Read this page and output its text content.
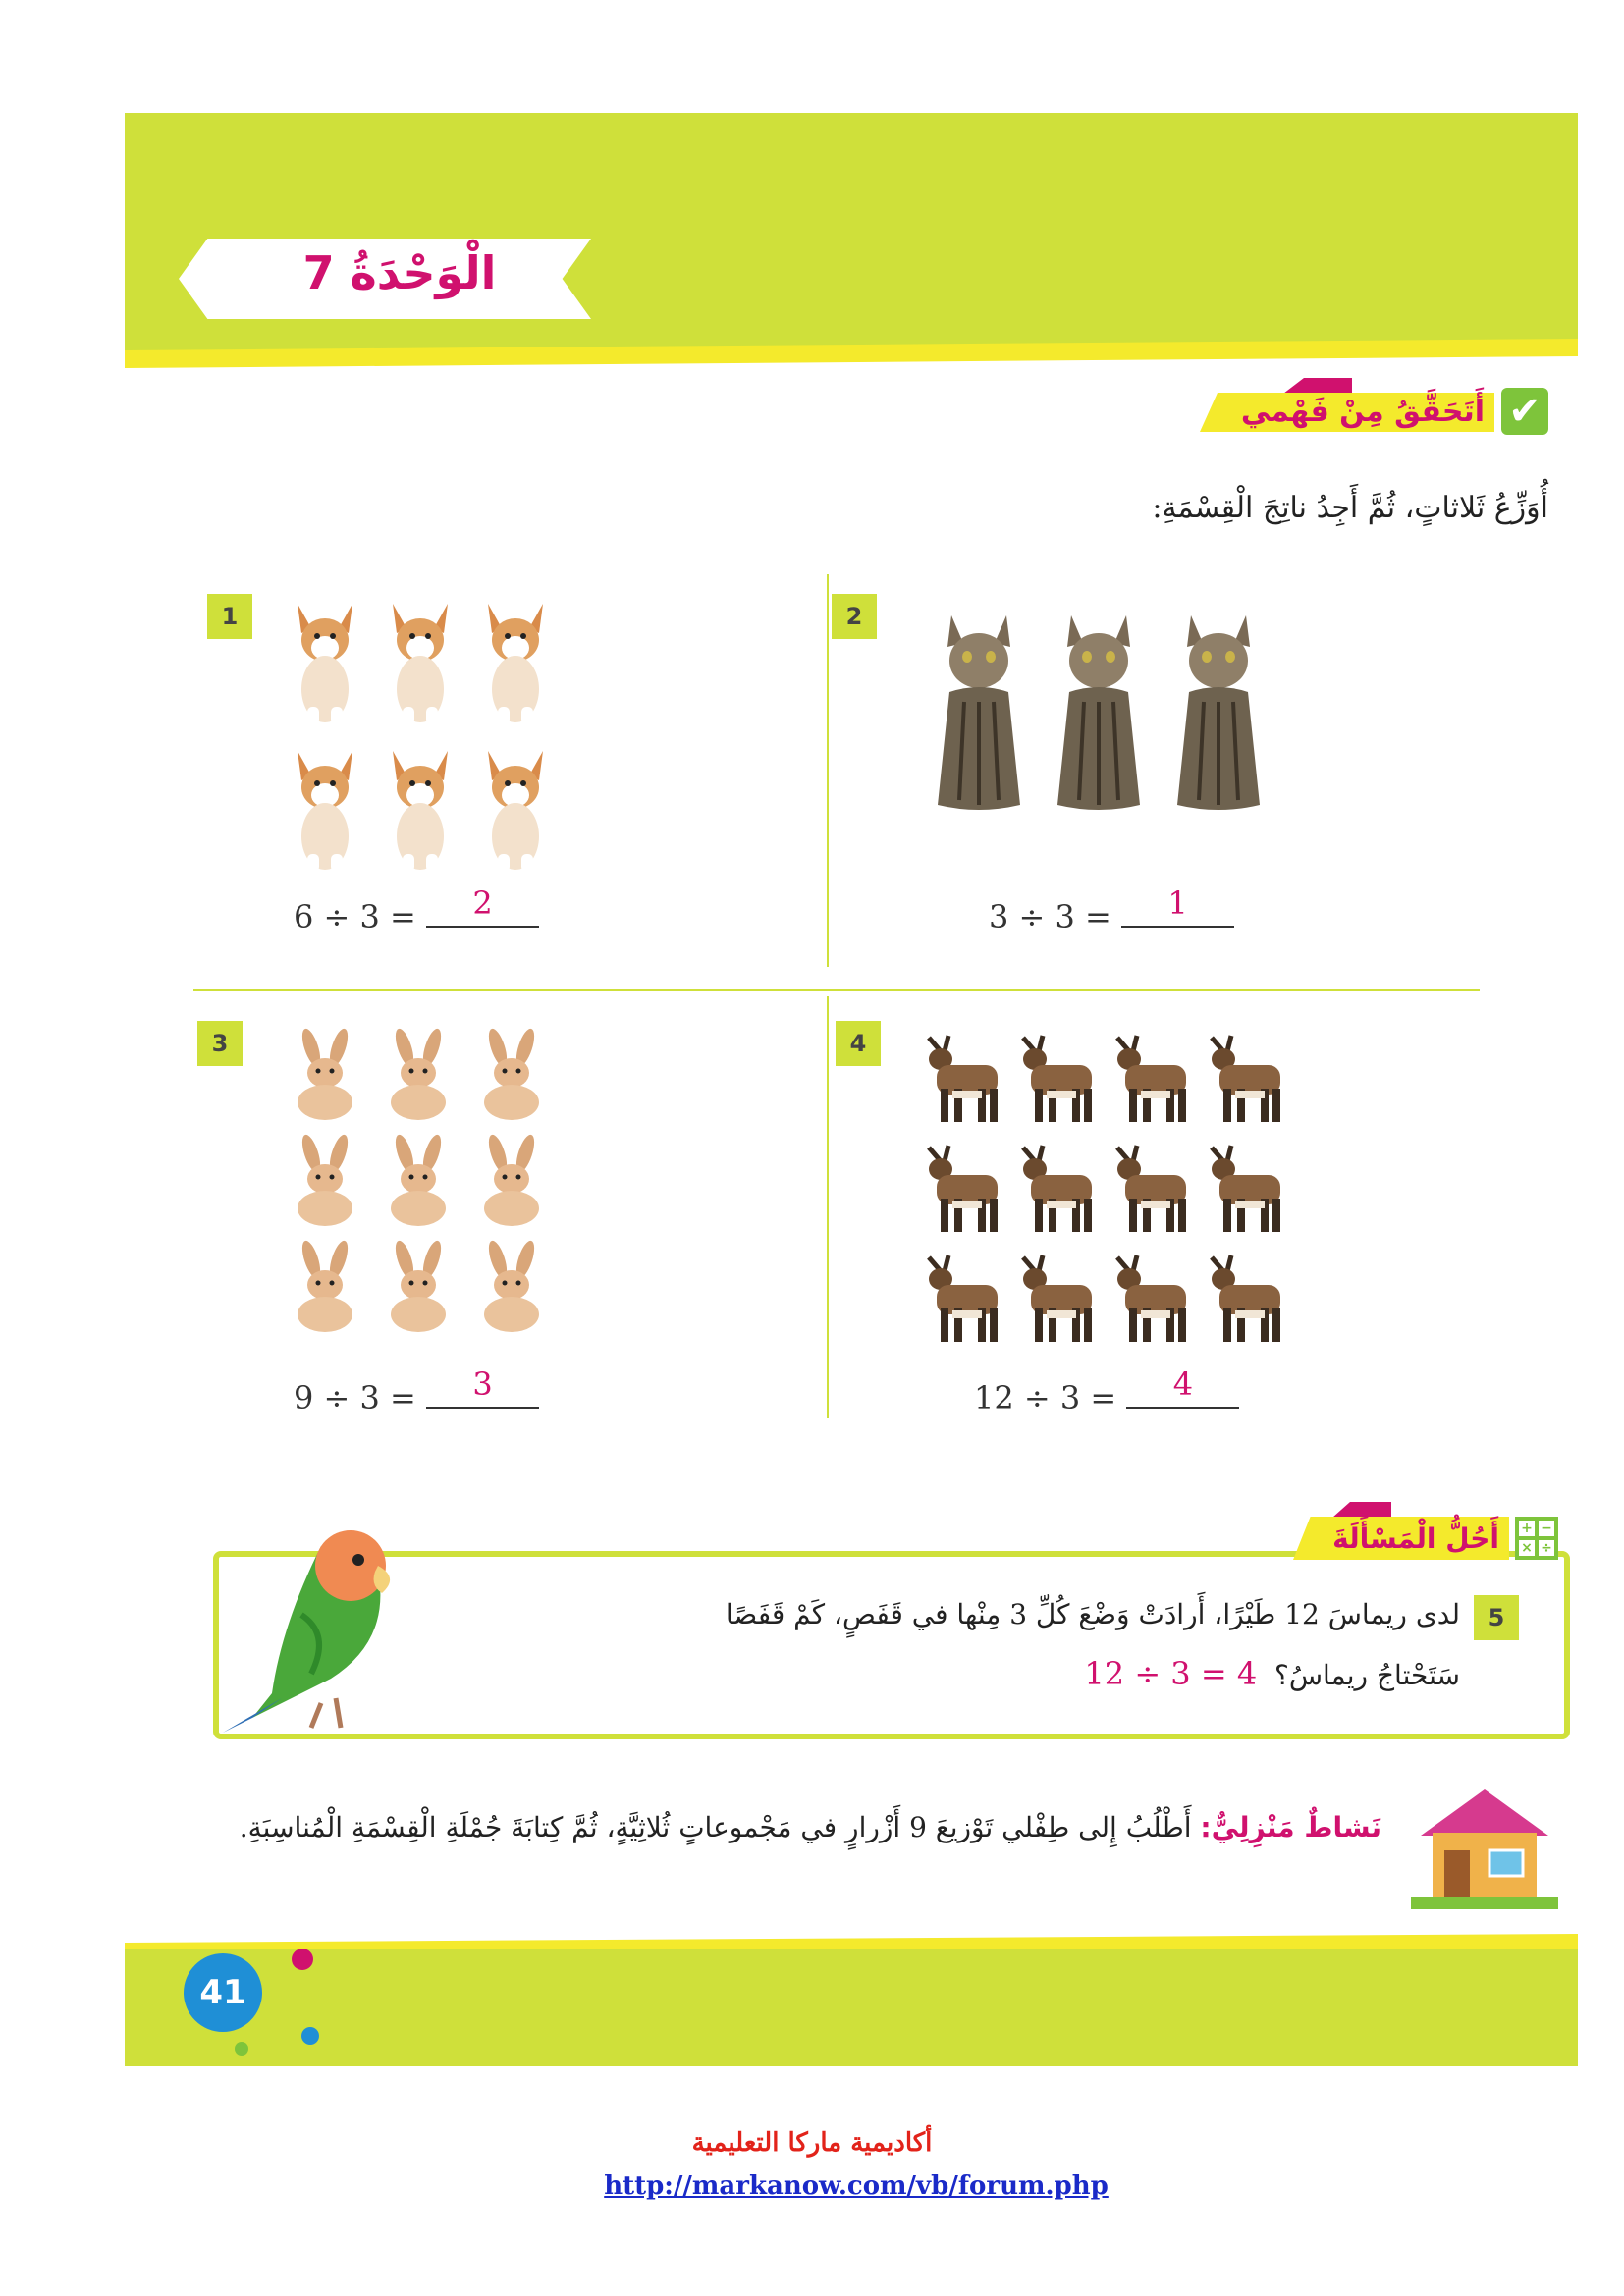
الْوَحْدَةُ 7
أَتَحَقَّقُ مِنْ فَهْمي ✔
أُوَزِّعُ ثَلاثاتٍ، ثُمَّ أَجِدُ ناتِجَ الْقِسْمَةِ:
1
6 ÷ 3 = 2
2
3 ÷ 3 = 1
3
9 ÷ 3 = 3
4
12 ÷ 3 = 4
أَحُلُّ الْمَسْأَلَةَ + −
× ÷
5
لدى ريماسَ 12 طَيْرًا، أَرادَتْ وَضْعَ كُلِّ 3 مِنْها في قَفَصٍ، كَمْ قَفَصًا
سَتَحْتاجُ ريماسُ؟  12 ÷ 3 = 4
نَشاطٌ مَنْزِلِيٌّ: أَطْلُبُ إِلى طِفْلي تَوْزيعَ 9 أَزْرارٍ في مَجْموعاتٍ ثُلاثِيَّةٍ، ثُمَّ كِتابَةَ جُمْلَةِ الْقِسْمَةِ الْمُناسِبَةِ.
41
أكاديمية ماركا التعليمية
http://markanow.com/vb/forum.php
